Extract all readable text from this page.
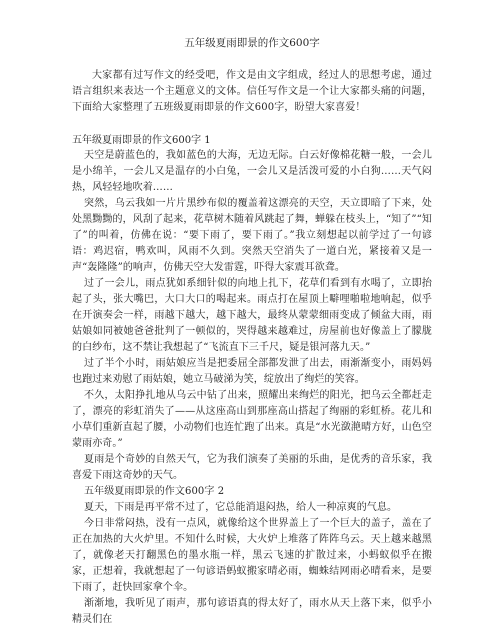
五年级夏雨即景的作文600字

大家都有过写作文的经受吧，作文是由文字组成，经过人的思想考虑，通过语言组织来表达一个主题意义的文体。信任写作文是一个让大家都头痛的问题，下面给大家整理了五班级夏雨即景的作文600字，盼望大家喜爱！

五年级夏雨即景的作文600字 1

天空是蔚蓝色的，我如蓝色的大海，无边无际。白云好像棉花糖一般，一会儿是小绵羊，一会儿又是温存的小白兔，一会儿又是活泼可爱的小白狗……天气闷热，风轻轻地吹着……

突然，乌云我如一片片黑纱布似的覆盖着这漂亮的天空，天立即暗了下来，处处黑黝黝的，风刮了起来，花草树木随着风跳起了舞，蝉躲在枝头上，“知了”“知了”的叫着，仿佛在说：“要下雨了，要下雨了。”我立刻想起以前学过了一句谚语：鸡迟宿，鸭欢叫，风雨不久到。突然天空消失了一道白光，紧接着又是一声“轰隆隆”的响声，仿佛天空大发雷霆，吓得大家震耳欲聋。

过了一会儿，雨点犹如系细针似的向地上扎下，花草们看到有水喝了，立即抬起了头，张大嘴巴，大口大口的喝起来。雨点打在屋顶上噼哩啪啦地响起，似乎在开演奏会一样，雨越下越大，越下越大，最终从蒙蒙细雨变成了倾盆大雨，雨姑娘如同被她爸爸批判了一顿似的，哭得越来越难过，房屋前也好像盖上了朦胧的白纱布，这不禁让我想起了“飞流直下三千尺，疑是银河落九天。”

过了半个小时，雨姑娘应当是把委屈全部都发泄了出去，雨渐渐变小，雨妈妈也跑过来劝慰了雨姑娘，她立马破涕为笑，绽放出了绚烂的笑容。

不久，太阳挣扎地从乌云中钻了出来，照耀出来绚烂的阳光，把乌云全都赶走了，漂亮的彩虹消失了——从这座高山到那座高山搭起了绚丽的彩虹桥。花儿和小草们重新直起了腰，小动物们也连忙跑了出来。真是“水光潋滟晴方好，山色空蒙雨亦奇。”

夏雨是个奇妙的自然天气，它为我们演奏了美丽的乐曲，是优秀的音乐家，我喜爱下雨这奇妙的天气。

五年级夏雨即景的作文600字 2

夏天，下雨是再平常不过了，它总能消退闷热，给人一种凉爽的气息。

今日非常闷热，没有一点风，就像给这个世界盖上了一个巨大的盖子，盖在了正在加热的大火炉里。不知什么时候，大火炉上堆落了阵阵乌云。天上越来越黑了，就像老天打翻黑色的墨水瓶一样，黑云飞速的扩散过来，小蚂蚁似乎在搬家，正想着，我就想起了一句谚语蚂蚁搬家晴必雨，蜘蛛结网雨必晴看来，是要下雨了，赶快回家拿个伞。

渐渐地，我听见了雨声，那句谚语真的得太好了，雨水从天上落下来，似乎小精灵们在
